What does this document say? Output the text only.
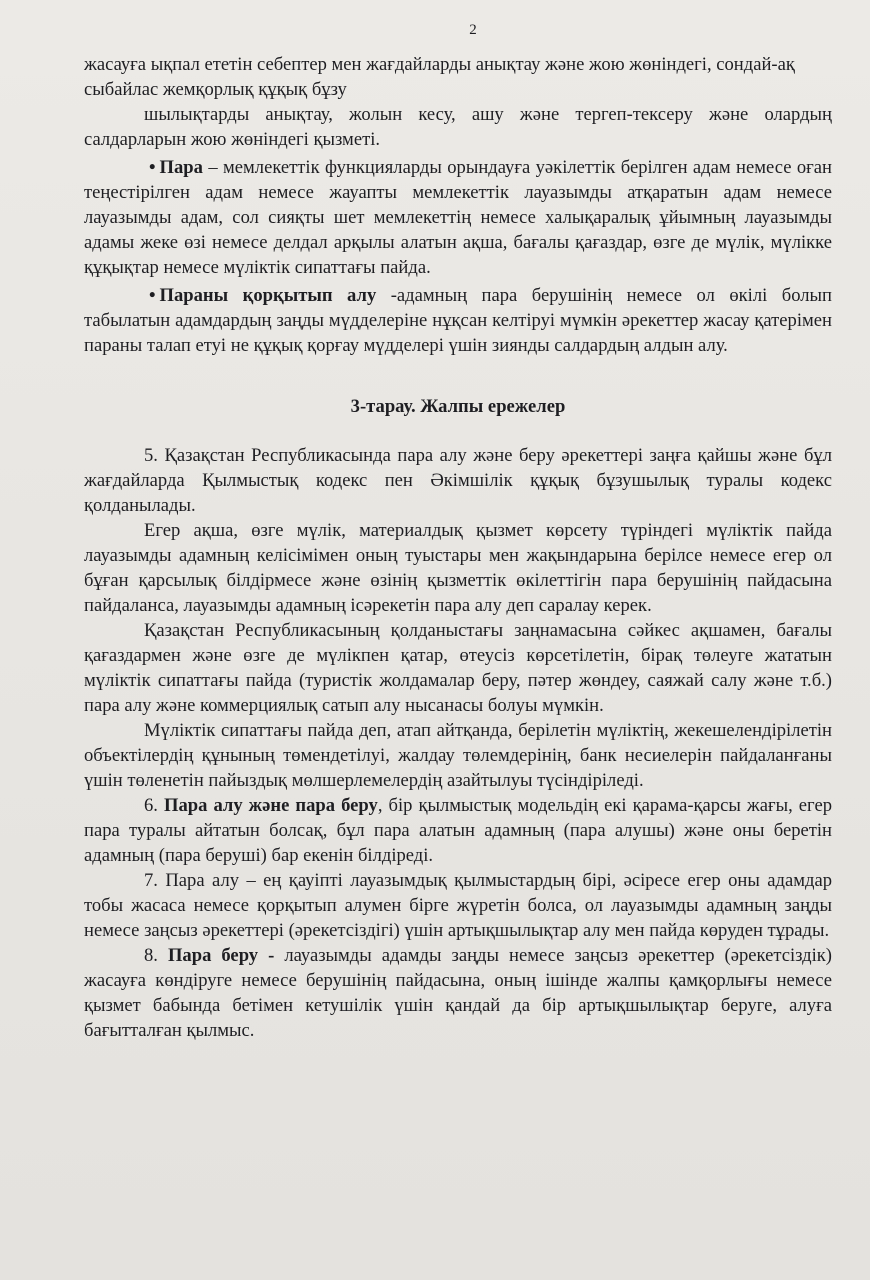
2

жасауға ықпал ететін себептер мен жағдайларды анықтау және жою жөніндегі, сондай-ақ сыбайлас жемқорлық құқық бұзу

шылықтарды анықтау, жолын кесу, ашу және тергеп-тексеру және олардың салдарларын жою жөніндегі қызметі.

• Пара – мемлекеттік функцияларды орындауға уәкілеттік берілген адам немесе оған теңестірілген адам немесе жауапты мемлекеттік лауазымды атқаратын адам немесе лауазымды адам, сол сияқты шет мемлекеттің немесе халықаралық ұйымның лауазымды адамы жеке өзі немесе делдал арқылы алатын ақша, бағалы қағаздар, өзге де мүлік, мүлікке құқықтар немесе мүліктік сипаттағы пайда.

• Параны қорқытып алу -адамның пара берушінің немесе ол өкілі болып табылатын адамдардың заңды мүдделеріне нұқсан келтіруі мүмкін әрекеттер жасау қатерімен параны талап етуі не құқық қорғау мүдделері үшін зиянды салдардың алдын алу.

3-тарау. Жалпы ережелер

5. Қазақстан Республикасында пара алу және беру әрекеттері заңға қайшы және бұл жағдайларда Қылмыстық кодекс пен Әкімшілік құқық бұзушылық туралы кодекс қолданылады.

Егер ақша, өзге мүлік, материалдық қызмет көрсету түріндегі мүліктік пайда лауазымды адамның келісімімен оның туыстары мен жақындарына берілсе немесе егер ол бұған қарсылық білдірмесе және өзінің қызметтік өкілеттігін пара берушінің пайдасына пайдаланса, лауазымды адамның ісәрекетін пара алу деп саралау керек.

Қазақстан Республикасының қолданыстағы заңнамасына сәйкес ақшамен, бағалы қағаздармен және өзге де мүлікпен қатар, өтеусіз көрсетілетін, бірақ төлеуге жататын мүліктік сипаттағы пайда (туристік жолдамалар беру, пәтер жөндеу, саяжай салу және т.б.) пара алу және коммерциялық сатып алу нысанасы болуы мүмкін.

Мүліктік сипаттағы пайда деп, атап айтқанда, берілетін мүліктің, жекешелендірілетін объектілердің құнының төмендетілуі, жалдау төлемдерінің, банк несиелерін пайдаланғаны үшін төленетін пайыздық мөлшерлемелердің азайтылуы түсіндіріледі.

6. Пара алу және пара беру, бір қылмыстық модельдің екі қарама-қарсы жағы, егер пара туралы айтатын болсақ, бұл пара алатын адамның (пара алушы) және оны беретін адамның (пара беруші) бар екенін білдіреді.

7. Пара алу – ең қауіпті лауазымдық қылмыстардың бірі, әсіресе егер оны адамдар тобы жасаса немесе қорқытып алумен бірге жүретін болса, ол лауазымды адамның заңды немесе заңсыз әрекеттері (әрекетсіздігі) үшін артықшылықтар алу мен пайда көруден тұрады.

8. Пара беру - лауазымды адамды заңды немесе заңсыз әрекеттер (әрекетсіздік) жасауға көндіруге немесе берушінің пайдасына, оның ішінде жалпы қамқорлығы немесе қызмет бабында бетімен кетушілік үшін қандай да бір артықшылықтар беруге, алуға бағытталған қылмыс.
